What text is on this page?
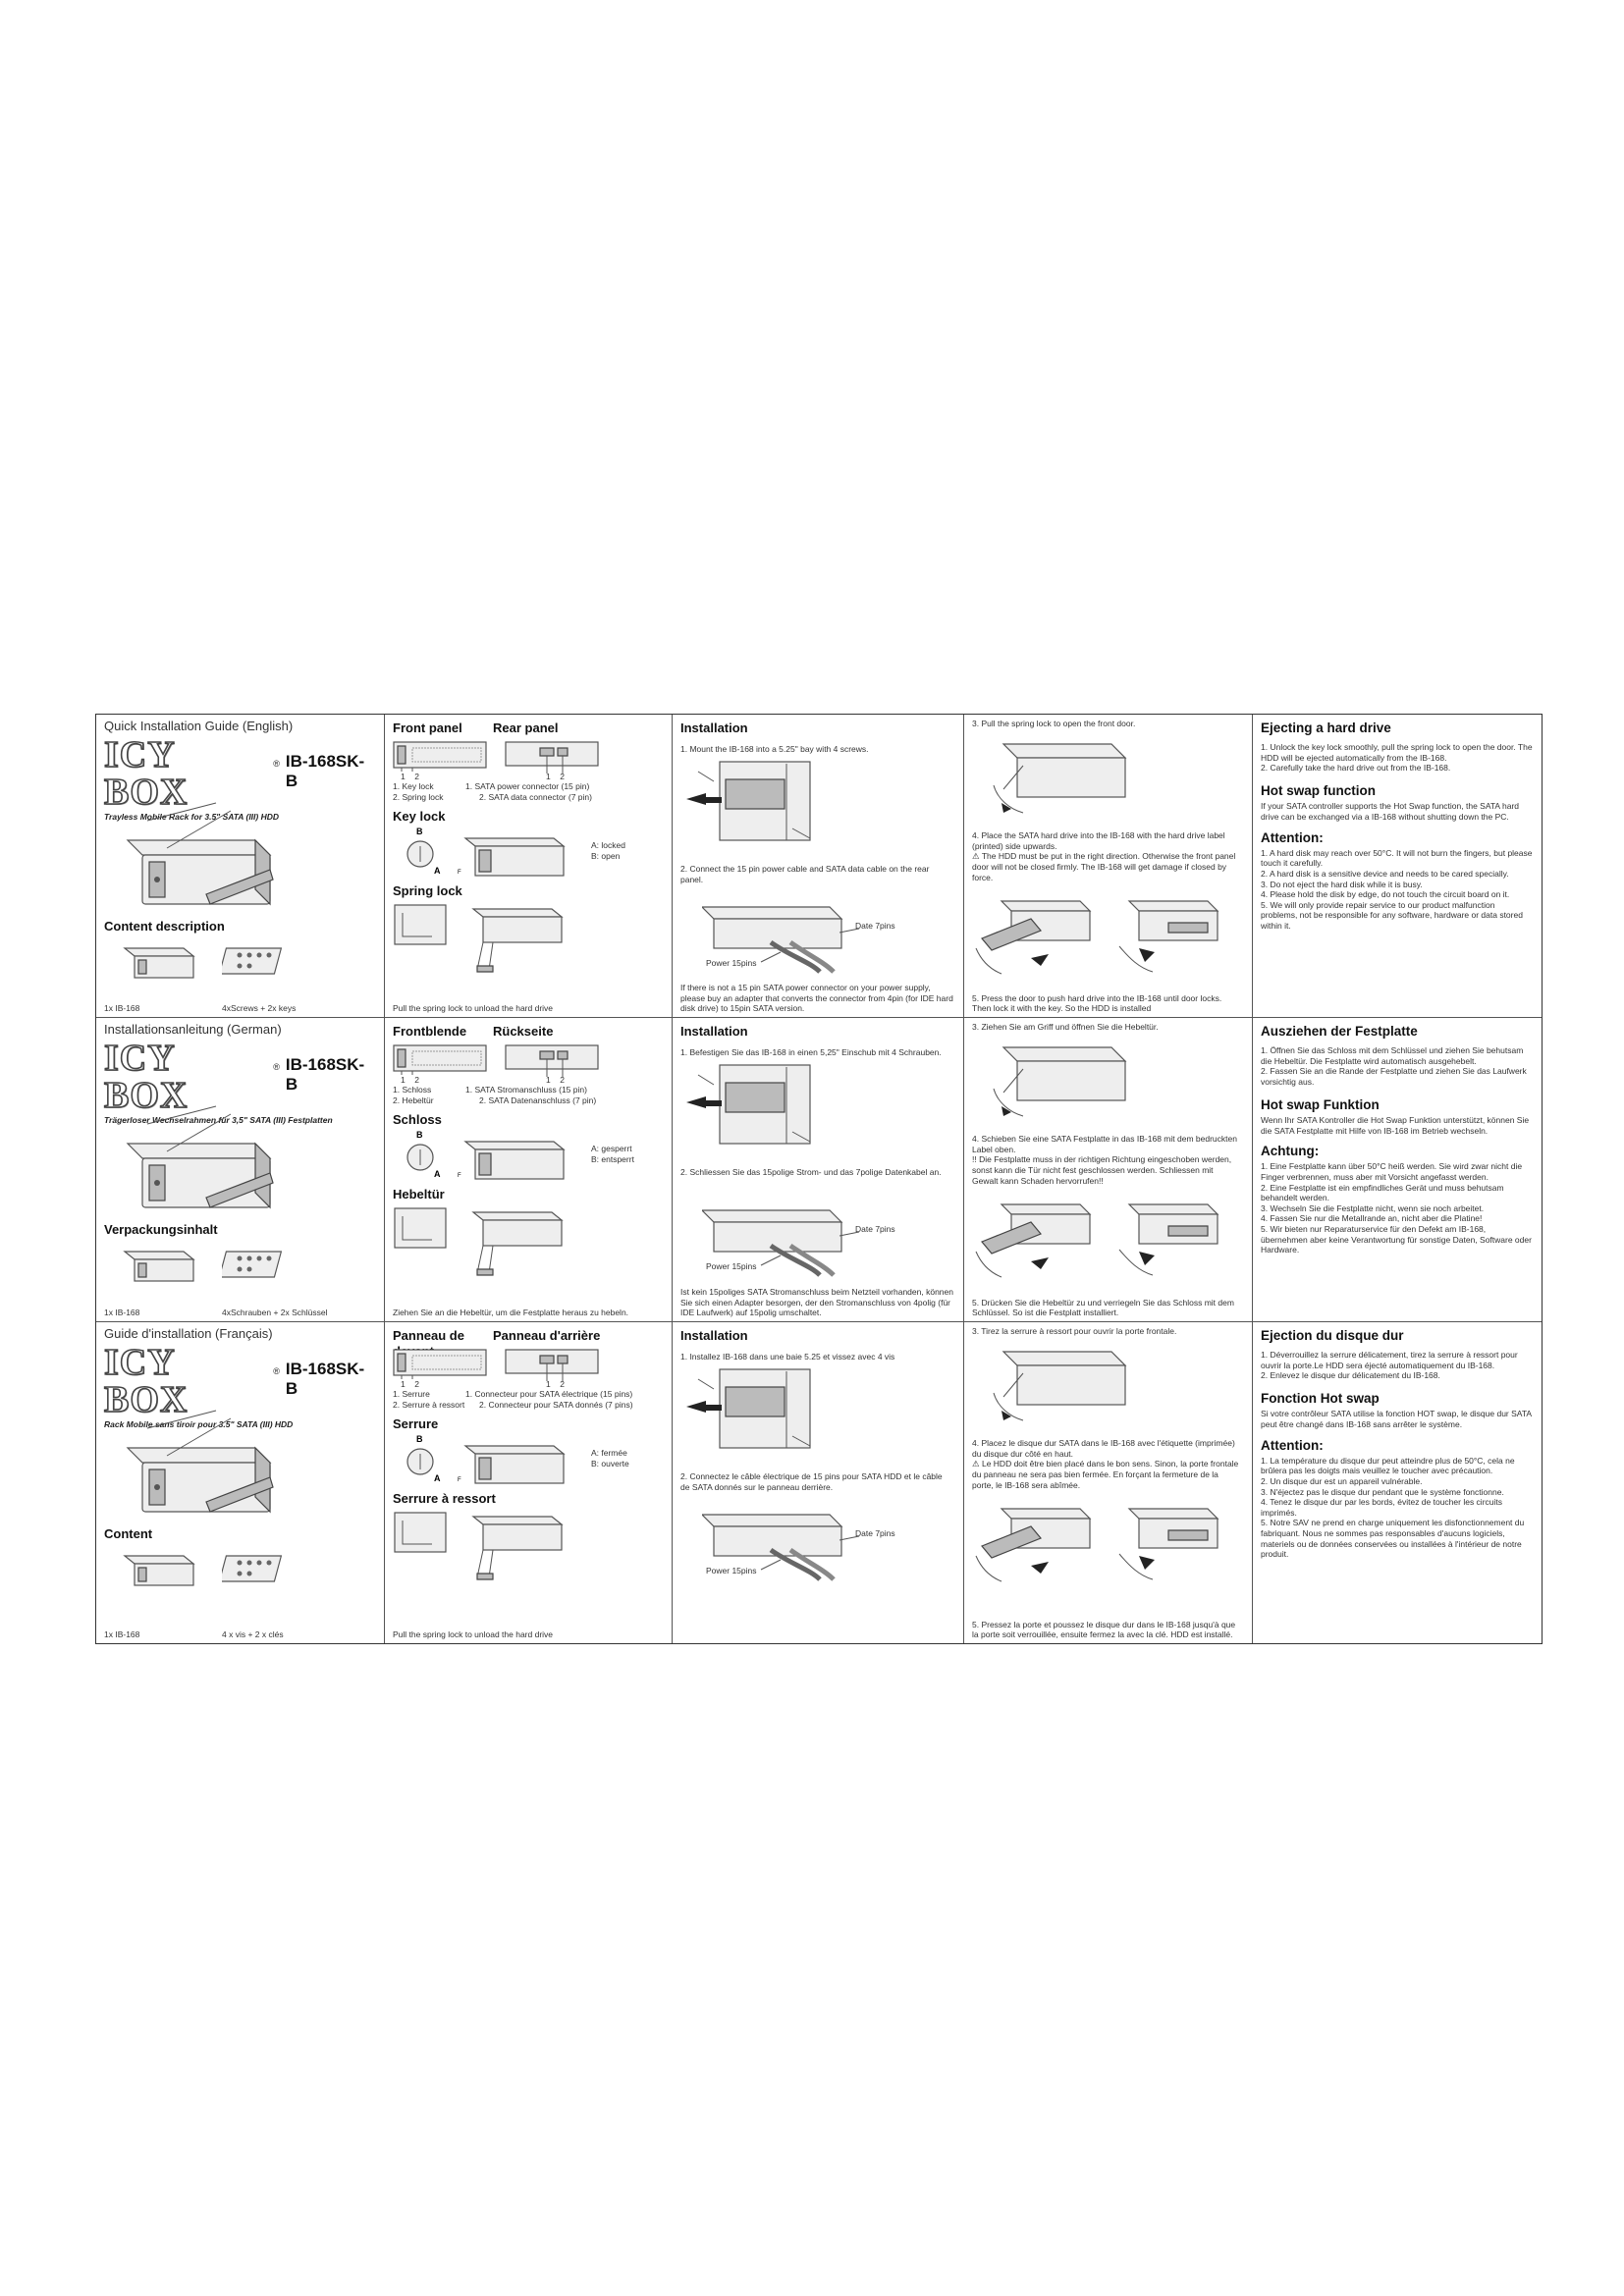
Quick Installation Guide (English)
ICY BOX
® IB-168SK-B
Trayless Mobile Rack for 3.5" SATA (III) HDD
Content description
1x IB-168	4xScrews + 2x keys
Front panel	Rear panel
1 2	1 2
1. Key lock
2. Spring lock
1. SATA power connector (15 pin)
2. SATA data connector (7 pin)
Key lock
B
A	F
A: locked
B: open
Spring lock
Pull the spring lock to unload the hard drive
Installation
1. Mount the IB-168 into a 5.25" bay with 4 screws.
2. Connect the 15 pin power cable and SATA data cable on the rear panel.
Date 7pins
Power 15pins
If there is not a 15 pin SATA power connector on your power supply, please buy an adapter that converts the connector from 4pin (for IDE hard disk drive) to 15pin SATA version.
3. Pull the spring lock to open the front door.
4. Place the SATA hard drive into the IB-168 with the hard drive label (printed) side upwards.
⚠ The HDD must be put in the right direction. Otherwise the front panel door will not be closed firmly. The IB-168 will get damage if closed by force.
5. Press the door to push hard drive into the IB-168 until door locks. Then lock it with the key. So the HDD is installed
Ejecting a hard drive
1. Unlock the key lock smoothly, pull the spring lock to open the door. The HDD will be ejected automatically from the IB-168.
2. Carefully take the hard drive out from the IB-168.
Hot swap function
If your SATA controller supports the Hot Swap function, the SATA hard drive can be exchanged via a IB-168 without shutting down the PC.
Attention:
1. A hard disk may reach over 50°C. It will not burn the fingers, but please touch it carefully.
2. A hard disk is a sensitive device and needs to be cared specially.
3. Do not eject the hard disk while it is busy.
4. Please hold the disk by edge, do not touch the circuit board on it.
5. We will only provide repair service to our product malfunction problems, not be responsible for any software, hardware or data stored within it.
Installationsanleitung (German)
ICY BOX
® IB-168SK-B
Trägerloser Wechselrahmen für 3,5" SATA (III) Festplatten
Verpackungsinhalt
1x IB-168	4xSchrauben + 2x Schlüssel
Frontblende	Rückseite
1 2	1 2
1. Schloss
2. Hebeltür
1. SATA Stromanschluss (15 pin)
2. SATA Datenanschluss (7 pin)
Schloss
B
A	F
A: gesperrt
B: entsperrt
Hebeltür
Ziehen Sie an die Hebeltür, um die Festplatte heraus zu hebeln.
Installation
1. Befestigen Sie das IB-168 in einen 5,25" Einschub mit 4 Schrauben.
2. Schliessen Sie das 15polige Strom- und das 7polige Datenkabel an.
Date 7pins
Power 15pins
Ist kein 15poliges SATA Stromanschluss beim Netzteil vorhanden, können Sie sich einen Adapter besorgen, der den Stromanschluss von 4polig (für IDE Laufwerk) auf 15polig umschaltet.
3. Ziehen Sie am Griff und öffnen Sie die Hebeltür.
4. Schieben Sie eine SATA Festplatte in das IB-168 mit dem bedruckten Label oben.
!! Die Festplatte muss in der richtigen Richtung eingeschoben werden, sonst kann die Tür nicht fest geschlossen werden. Schliessen mit Gewalt kann Schaden hervorrufen!!
5. Drücken Sie die Hebeltür zu und verriegeln Sie das Schloss mit dem Schlüssel. So ist die Festplatt installiert.
Ausziehen der Festplatte
1. Öffnen Sie das Schloss mit dem Schlüssel und ziehen Sie behutsam die Hebeltür. Die Festplatte wird automatisch ausgehebelt.
2. Fassen Sie an die Rande der Festplatte und ziehen Sie das Laufwerk vorsichtig aus.
Hot swap Funktion
Wenn Ihr SATA Kontroller die Hot Swap Funktion unterstützt, können Sie die SATA Festplatte mit Hilfe von IB-168 im Betrieb wechseln.
Achtung:
1. Eine Festplatte kann über 50°C heiß werden. Sie wird zwar nicht die Finger verbrennen, muss aber mit Vorsicht angefasst werden.
2. Eine Festplatte ist ein empfindliches Gerät und muss behutsam behandelt werden.
3. Wechseln Sie die Festplatte nicht, wenn sie noch arbeitet.
4. Fassen Sie nur die Metallrande an, nicht aber die Platine!
5. Wir bieten nur Reparaturservice für den Defekt am IB-168, übernehmen aber keine Verantwortung für sonstige Daten, Software oder Hardware.
Guide d'installation (Français)
ICY BOX
® IB-168SK-B
Rack Mobile sans tiroir pour 3.5" SATA (III) HDD
Content
1x IB-168	4 x vis + 2 x clés
Panneau de	Panneau d'arrière
1 2	1 2
1. Serrure
2. Serrure à ressort
1. Connecteur pour SATA électrique (15 pins)
2. Connecteur pour SATA donnés (7 pins)
Serrure
B
A	F
A: fermée
B: ouverte
Serrure à ressort
Pull the spring lock to unload the hard drive
Installation
1. Installez IB-168 dans une baie 5.25 et vissez avec 4 vis
2. Connectez le câble électrique de 15 pins pour SATA HDD et le câble de SATA donnés sur le panneau derrière.
Date 7pins
Power 15pins
3. Tirez la serrure à ressort pour ouvrir la porte frontale.
4. Placez le disque dur SATA dans le IB-168 avec l'étiquette (imprimée) du disque dur côté en haut.
⚠ Le HDD doit être bien placé dans le bon sens. Sinon, la porte frontale du panneau ne sera pas bien fermée. En forçant la fermeture de la porte, le IB-168 sera abîmée.
5. Pressez la porte et poussez le disque dur dans le IB-168 jusqu'à que la porte soit verrouillée, ensuite fermez la avec la clé. HDD est installé.
Ejection du disque dur
1. Déverrouillez la serrure délicatement, tirez la serrure à ressort pour ouvrir la porte.Le HDD sera éjecté automatiquement du IB-168.
2. Enlevez le disque dur délicatement du IB-168.
Fonction Hot swap
Si votre contrôleur SATA utilise la fonction HOT swap, le disque dur SATA peut être changé dans IB-168 sans arrêter le système.
Attention:
1. La température du disque dur peut atteindre plus de 50°C, cela ne brûlera pas les doigts mais veuillez le toucher avec précaution.
2. Un disque dur est un appareil vulnérable.
3. N'éjectez pas le disque dur pendant que le système fonctionne.
4. Tenez le disque dur par les bords, évitez de toucher les circuits imprimés.
5. Notre SAV ne prend en charge uniquement les disfonctionnement du fabriquant. Nous ne sommes pas responsables d'aucuns logiciels, materiels ou de données conservées ou installées à l'intérieur de notre produit.
